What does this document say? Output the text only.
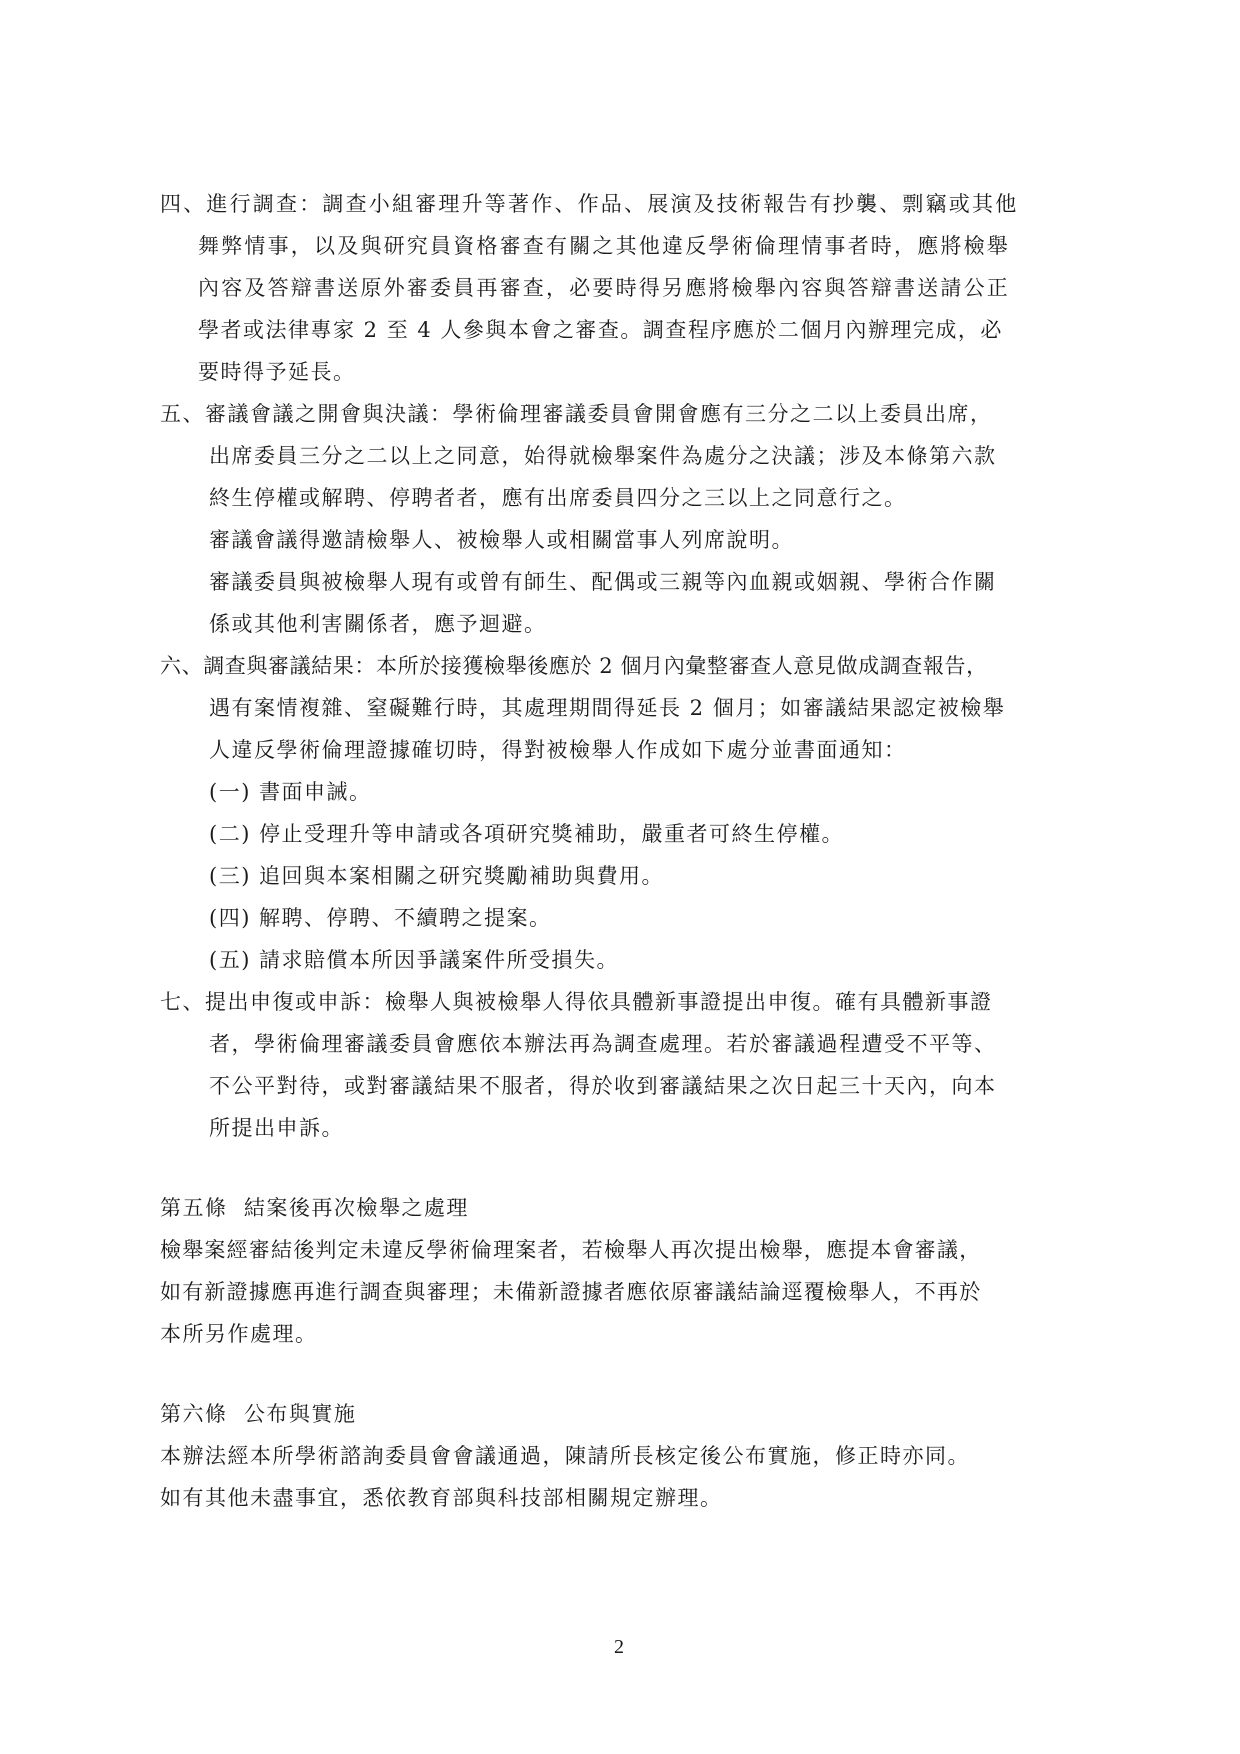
四、進行調查：調查小組審理升等著作、作品、展演及技術報告有抄襲、剽竊或其他
舞弊情事，以及與研究員資格審查有關之其他違反學術倫理情事者時，應將檢舉
內容及答辯書送原外審委員再審查，必要時得另應將檢舉內容與答辯書送請公正
學者或法律專家 2 至 4 人參與本會之審查。調查程序應於二個月內辦理完成，必
要時得予延長。
五、審議會議之開會與決議：學術倫理審議委員會開會應有三分之二以上委員出席，
出席委員三分之二以上之同意，始得就檢舉案件為處分之決議；涉及本條第六款
終生停權或解聘、停聘者者，應有出席委員四分之三以上之同意行之。
審議會議得邀請檢舉人、被檢舉人或相關當事人列席說明。
審議委員與被檢舉人現有或曾有師生、配偶或三親等內血親或姻親、學術合作關
係或其他利害關係者，應予迴避。
六、調查與審議結果：本所於接獲檢舉後應於 2 個月內彙整審查人意見做成調查報告，
遇有案情複雜、窒礙難行時，其處理期間得延長 2 個月；如審議結果認定被檢舉
人違反學術倫理證據確切時，得對被檢舉人作成如下處分並書面通知：
(一) 書面申誡。
(二) 停止受理升等申請或各項研究獎補助，嚴重者可終生停權。
(三) 追回與本案相關之研究獎勵補助與費用。
(四) 解聘、停聘、不續聘之提案。
(五) 請求賠償本所因爭議案件所受損失。
七、提出申復或申訴：檢舉人與被檢舉人得依具體新事證提出申復。確有具體新事證
者，學術倫理審議委員會應依本辦法再為調查處理。若於審議過程遭受不平等、
不公平對待，或對審議結果不服者，得於收到審議結果之次日起三十天內，向本
所提出申訴。
第五條  結案後再次檢舉之處理
檢舉案經審結後判定未違反學術倫理案者，若檢舉人再次提出檢舉，應提本會審議，
如有新證據應再進行調查與審理；未備新證據者應依原審議結論逕覆檢舉人，不再於
本所另作處理。
第六條  公布與實施
本辦法經本所學術諮詢委員會會議通過，陳請所長核定後公布實施，修正時亦同。
如有其他未盡事宜，悉依教育部與科技部相關規定辦理。
2
